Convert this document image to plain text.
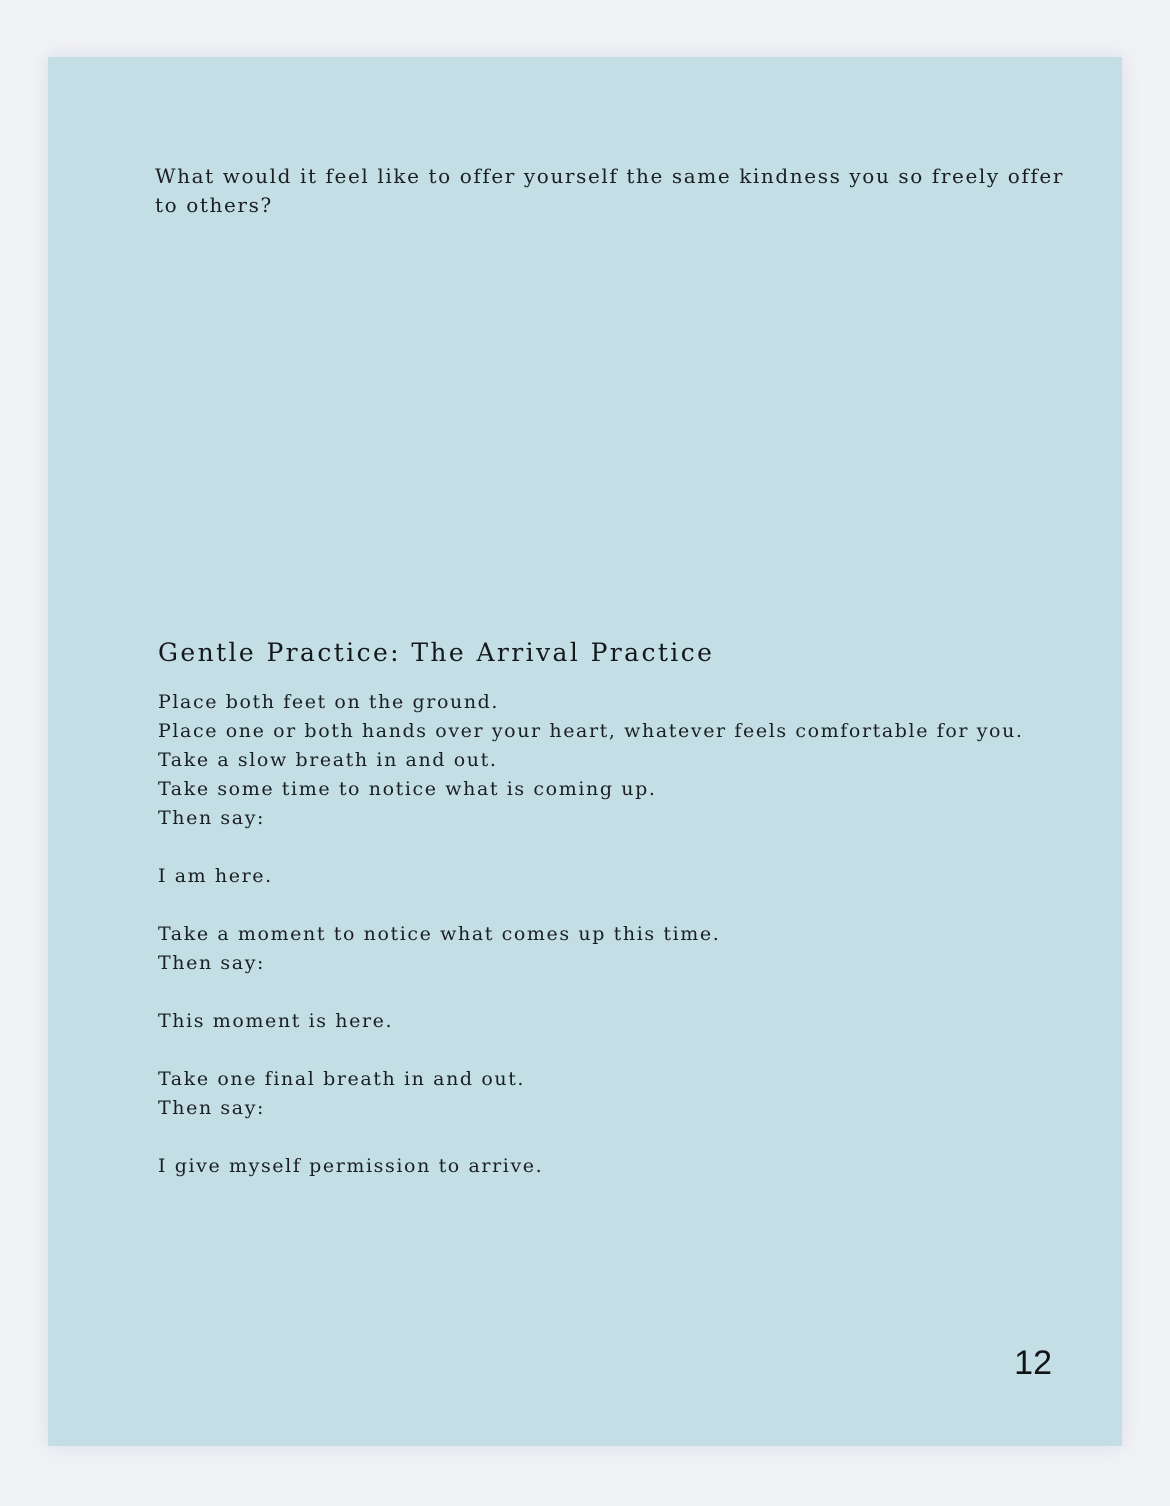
What would it feel like to offer yourself the same kindness you so freely offer to others?

Gentle Practice: The Arrival Practice
Place both feet on the ground.
Place one or both hands over your heart, whatever feels comfortable for you.
Take a slow breath in and out.
Take some time to notice what is coming up.
Then say:
I am here.
Take a moment to notice what comes up this time.
Then say:
This moment is here.
Take one final breath in and out.
Then say:
I give myself permission to arrive.
12
